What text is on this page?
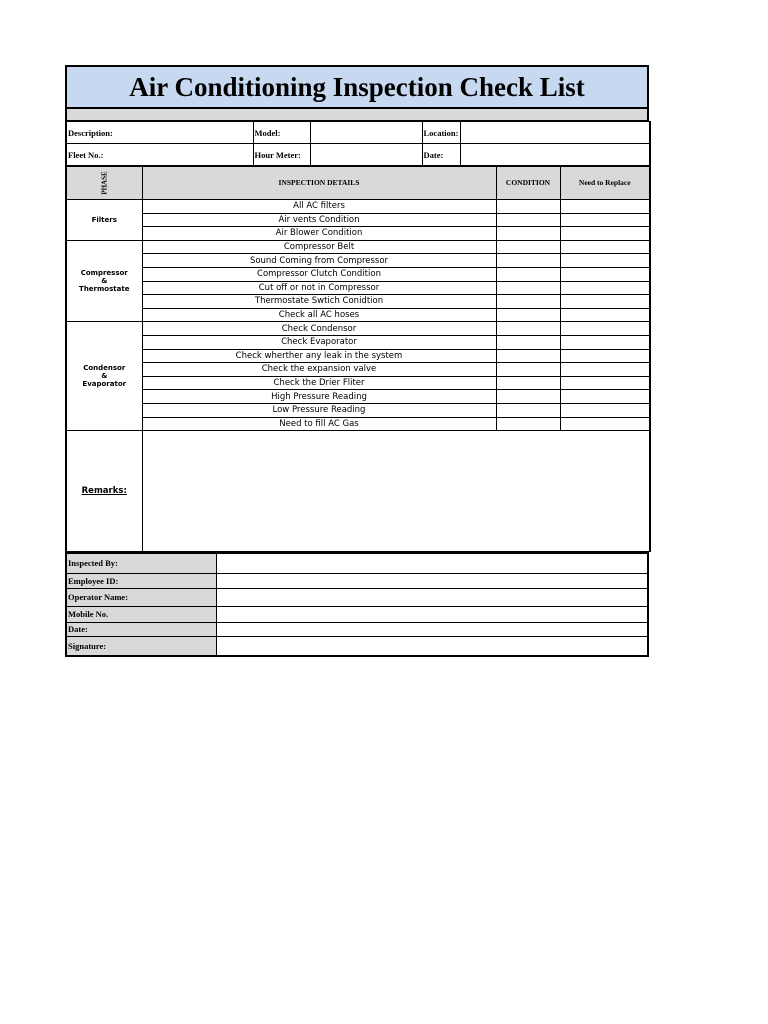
Air Conditioning Inspection Check List
Description:	Model:		Location:	
Fleet No.:	Hour Meter:		Date:	
PHASE	INSPECTION DETAILS	CONDITION	Need to Replace

Filters	All AC filters		
	Air vents Condition		
	Air Blower Condition		

Compressor
&
Thermostate	Compressor Belt		
	Sound Coming from Compressor		
	Compressor Clutch Condition		
	Cut off or not in Compressor		
	Thermostate Swtich Conidtion		
	Check all AC hoses		

Condensor
&
Evaporator	Check Condensor		
	Check Evaporator		
	Check wherther any leak in the system		
	Check the expansion valve		
	Check the Drier Fliter		
	High Pressure Reading		
	Low Pressure Reading		
	Need to fill AC Gas		
Remarks:			
Inspected By:	
Employee ID:	
Operator Name:	
Mobile No.	
Date:	
Signature:	
